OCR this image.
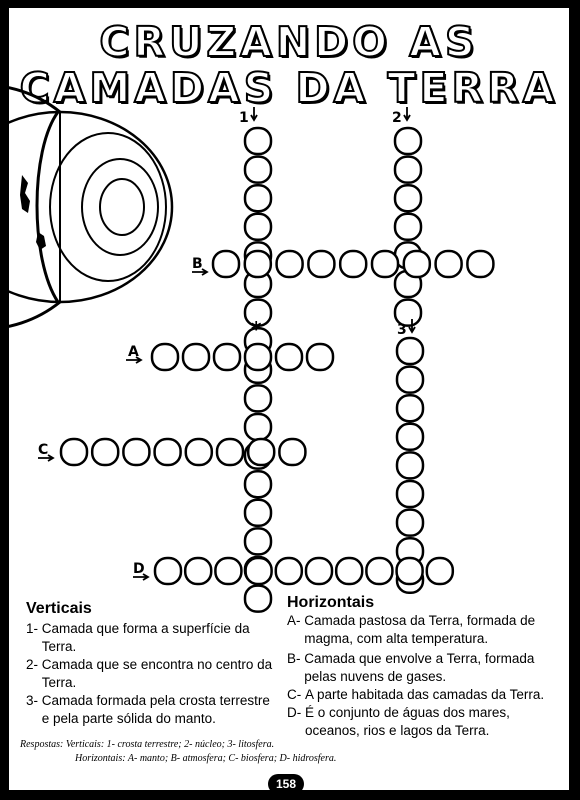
CRUZANDO AS
CAMADAS DA TERRA
*
1	2
3
B
A
C
D
Verticais
1-
Camada que forma a superfície da Terra.
2-
Camada que se encontra no centro da Terra.
3-
Camada formada pela crosta terrestre e pela parte sólida do manto.
Horizontais
A-
Camada pastosa da Terra, formada de magma, com alta temperatura.
B-
Camada que envolve a Terra, formada pelas nuvens de gases.
C-
A parte habitada das camadas da Terra.
D-
É o conjunto de águas dos mares, oceanos, rios e lagos da Terra.
Respostas: Verticais: 1- crosta terrestre; 2- núcleo; 3- litosfera.
Horizontais: A- manto; B- atmosfera; C- biosfera; D- hidrosfera.
158
